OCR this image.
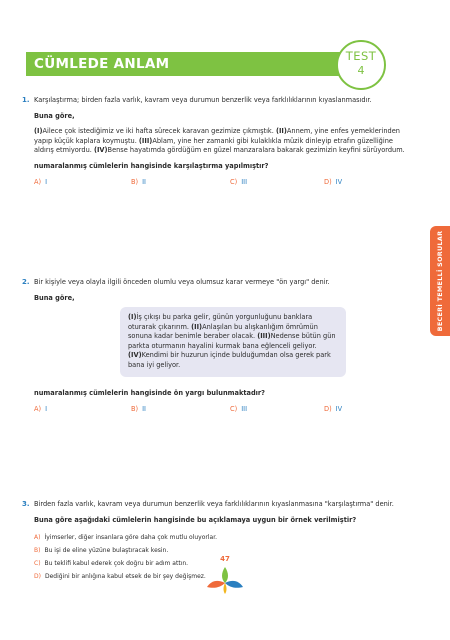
CÜMLEDE ANLAM	TEST
4
1. Karşılaştırma; birden fazla varlık, kavram veya durumun benzerlik veya farklılıklarının kıyaslanmasıdır.

Buna göre,

(I)Ailece çok istediğimiz ve iki hafta sürecek karavan gezimize çıkmıştık. (II)Annem, yine enfes yemeklerinden yapıp küçük kaplara koymuştu. (III)Ablam, yine her zamanki gibi kulaklıkla müzik dinleyip etrafın güzelliğine aldırış etmiyordu. (IV)Bense hayatımda gördüğüm en güzel manzaralara bakarak gezimizin keyfini sürüyordum.

numaralanmış cümlelerin hangisinde karşılaştırma yapılmıştır?

A) I	B) II	C) III	D) IV
2. Bir kişiyle veya olayla ilgili önceden olumlu veya olumsuz karar vermeye "ön yargı" denir.

Buna göre,

(I)İş çıkışı bu parka gelir, günün yorgunluğunu banklara oturarak çıkarırım. (II)Anlaşılan bu alışkanlığım ömrümün sonuna kadar benimle beraber olacak. (III)Nedense bütün gün parkta oturmanın hayalini kurmak bana eğlenceli geliyor. (IV)Kendimi bir huzurun içinde bulduğumdan olsa gerek park bana iyi geliyor.

numaralanmış cümlelerin hangisinde ön yargı bulunmaktadır?

A) I	B) II	C) III	D) IV
3. Birden fazla varlık, kavram veya durumun benzerlik veya farklılıklarının kıyaslanmasına "karşılaştırma" denir.

Buna göre aşağıdaki cümlelerin hangisinde bu açıklamaya uygun bir örnek verilmiştir?

A) İyimserler, diğer insanlara göre daha çok mutlu oluyorlar.
B) Bu işi de eline yüzüne bulaştıracak kesin.
C) Bu teklifi kabul ederek çok doğru bir adım attın.
D) Dediğini bir anlığına kabul etsek de bir şey değişmez.
BECERİ TEMELLİ SORULAR
47
